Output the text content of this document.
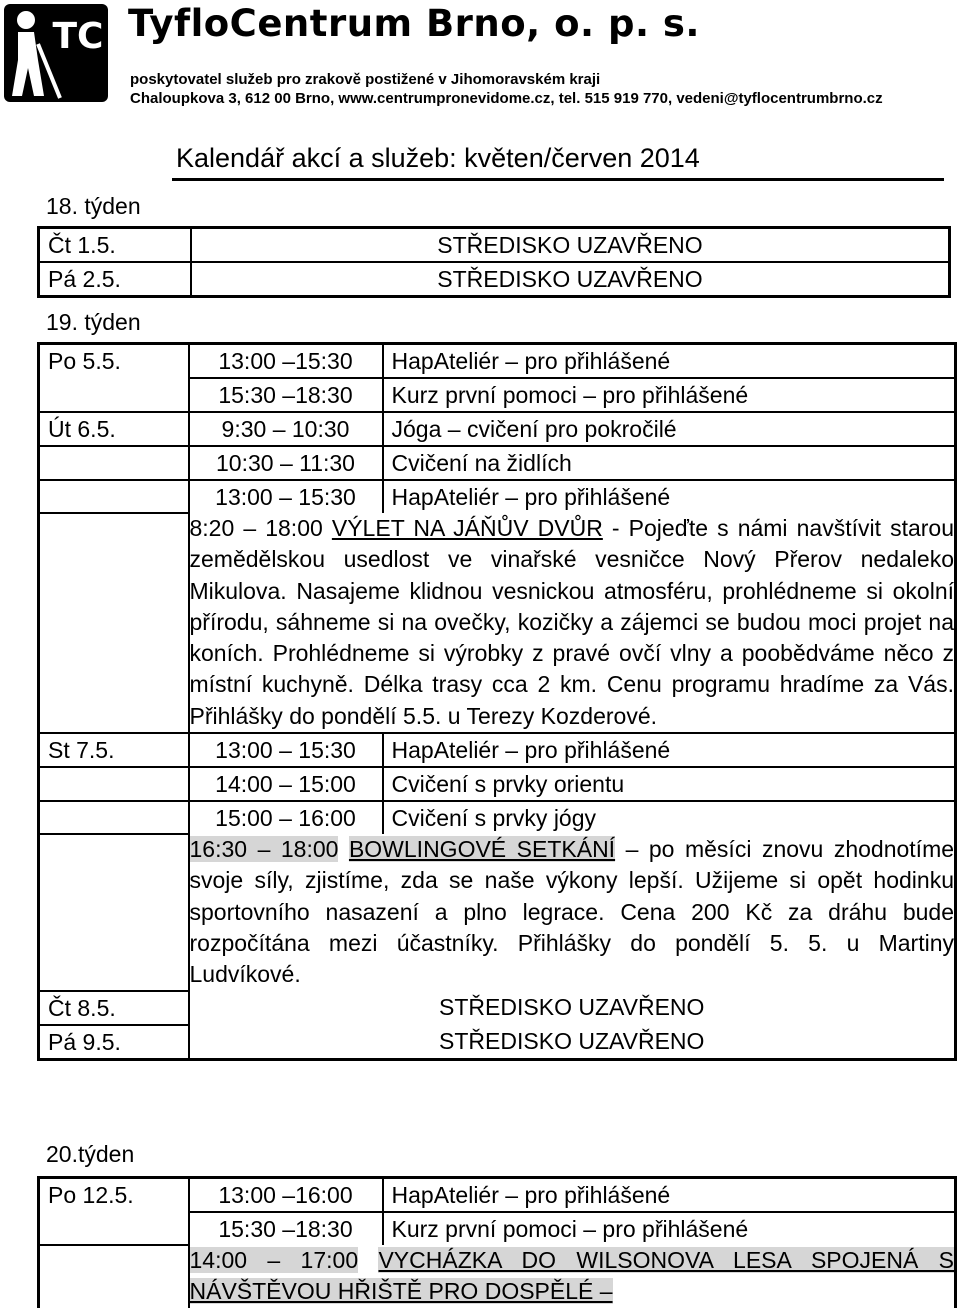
TC TyfloCentrum Brno, o. p. s.
poskytovatel služeb pro zrakově postižené v Jihomoravském kraji
Chaloupkova 3, 612 00 Brno, www.centrumpronevidome.cz, tel. 515 919 770, vedeni@tyflocentrumbrno.cz
Kalendář akcí a služeb: květen/červen 2014
18. týden
Čt 1.5.	STŘEDISKO UZAVŘENO
Pá 2.5.	STŘEDISKO UZAVŘENO
19. týden
Po 5.5.	13:00 –15:30	HapAteliér – pro přihlášené
	15:30 –18:30	Kurz první pomoci – pro přihlášené
Út 6.5.	9:30 – 10:30	Jóga – cvičení pro pokročilé
	10:30 – 11:30	Cvičení na židlích
	13:00 – 15:30	HapAteliér – pro přihlášené
	8:20 – 18:00 VÝLET NA JÁŇŮV DVŮR - Pojeďte s námi navštívit starou zemědělskou usedlost ve vinařské vesničce Nový Přerov nedaleko Mikulova. Nasajeme klidnou vesnickou atmosféru, prohlédneme si okolní přírodu, sáhneme si na ovečky, kozičky a zájemci se budou moci projet na koních. Prohlédneme si výrobky z pravé ovčí vlny a poobědváme něco z místní kuchyně. Délka trasy cca 2 km. Cenu programu hradíme za Vás. Přihlášky do pondělí 5.5. u Terezy Kozderové.	
St 7.5.	13:00 – 15:30	HapAteliér – pro přihlášené
	14:00 – 15:00	Cvičení s prvky orientu
	15:00 – 16:00	Cvičení s prvky jógy
	16:30 – 18:00 BOWLINGOVÉ SETKÁNÍ – po měsíci znovu zhodnotíme svoje síly, zjistíme, zda se naše výkony lepší. Užijeme si opět hodinku sportovního nasazení a plno legrace. Cena 200 Kč za dráhu bude rozpočítána mezi účastníky. Přihlášky do pondělí 5. 5. u Martiny Ludvíkové.	
Čt 8.5.	STŘEDISKO UZAVŘENO	
Pá 9.5.	STŘEDISKO UZAVŘENO	
20.týden
Po 12.5.	13:00 –16:00	HapAteliér – pro přihlášené
	15:30 –18:30	Kurz první pomoci – pro přihlášené
	14:00 – 17:00 VYCHÁZKA DO WILSONOVA LESA SPOJENÁ S NÁVŠTĚVOU HŘIŠTĚ PRO DOSPĚLÉ –	
